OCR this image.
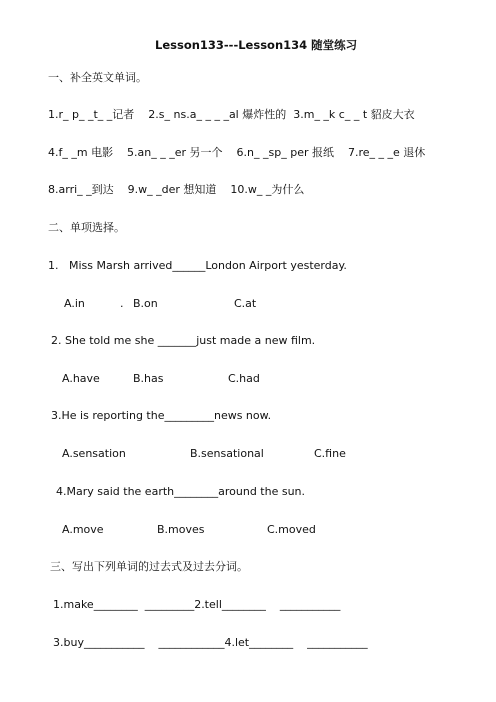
Lesson133---Lesson134 随堂练习
一、补全英文单词。
1.r_ p_ _t_ _记者    2.s_ ns.a_ _ _ _al 爆炸性的  3.m_ _k c_ _ t 貂皮大衣
4.f_ _m 电影    5.an_ _ _er 另一个    6.n_ _sp_ per 报纸    7.re_ _ _e 退休
8.arri_ _到达    9.w_ _der 想知道    10.w_ _为什么
二、单项选择。
1.   Miss Marsh arrived______London Airport yesterday.
A.in	. B.on	C.at
2. She told me she _______just made a new film.
A.have	B.has	C.had
3.He is reporting the_________news now.
A.sensation	B.sensational	C.fine
4.Mary said the earth________around the sun.
A.move	B.moves	C.moved
三、写出下列单词的过去式及过去分词。
1.make________  _________2.tell________    ___________
3.buy___________    ____________4.let________    ___________
